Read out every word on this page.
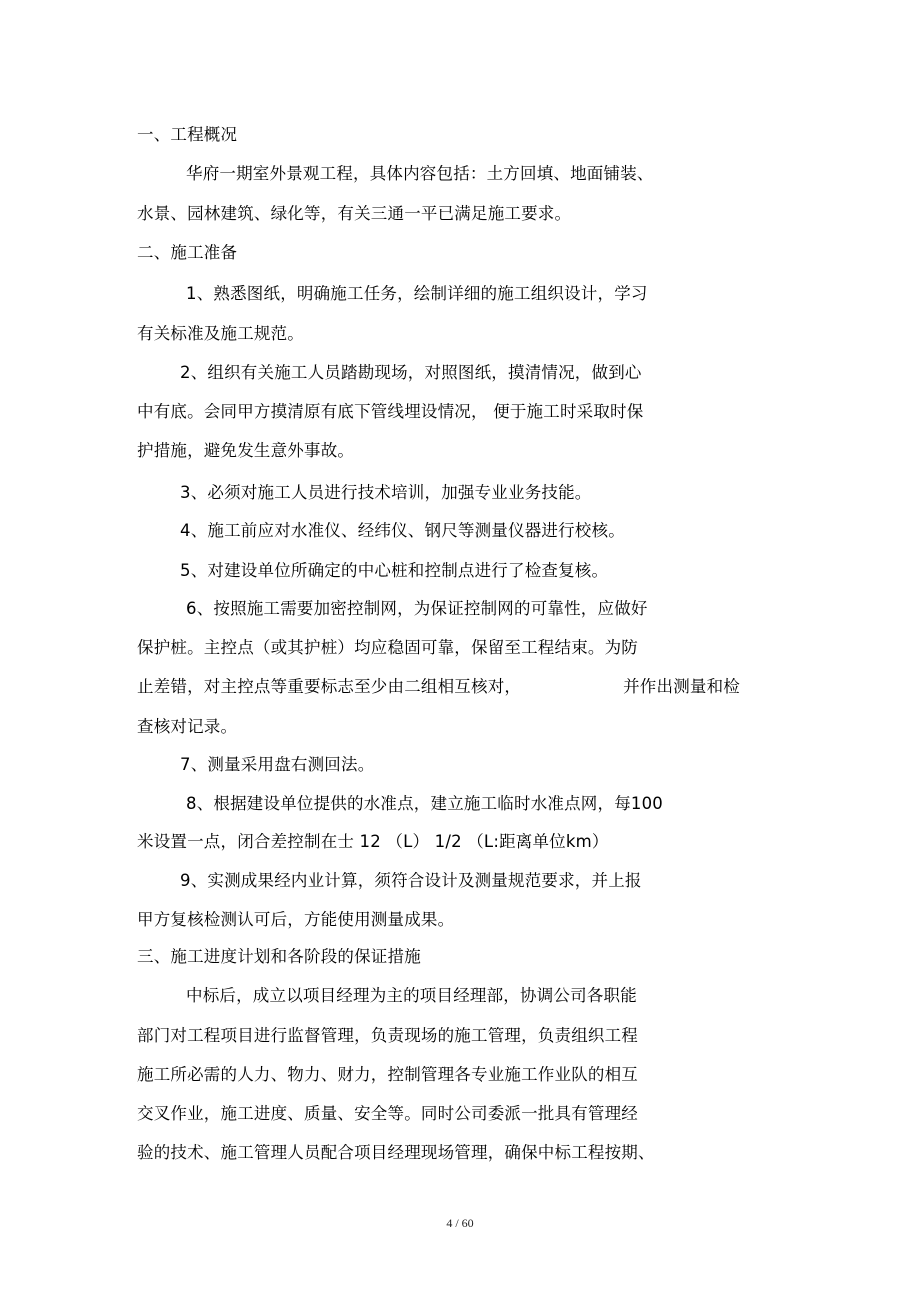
一、工程概况
华府一期室外景观工程，具体内容包括：土方回填、地面铺装、
水景、园林建筑、绿化等，有关三通一平已满足施工要求。
二、施工准备
1、熟悉图纸，明确施工任务，绘制详细的施工组织设计，学习
有关标准及施工规范。
2、组织有关施工人员踏勘现场，对照图纸，摸清情况，做到心
中有底。会同甲方摸清原有底下管线埋设情况， 便于施工时采取时保
护措施，避免发生意外事故。
3、必须对施工人员进行技术培训，加强专业业务技能。
4、施工前应对水准仪、经纬仪、钢尺等测量仪器进行校核。
5、对建设单位所确定的中心桩和控制点进行了检查复核。
6、按照施工需要加密控制网，为保证控制网的可靠性，应做好
保护桩。主控点（或其护桩）均应稳固可靠，保留至工程结束。为防
止差错，对主控点等重要标志至少由二组相互核对，	并作出测量和检
查核对记录。
7、测量采用盘右测回法。
8、根据建设单位提供的水准点，建立施工临时水准点网，每100
米设置一点，闭合差控制在士 12 （L） 1/2 （L:距离单位km）
9、实测成果经内业计算，须符合设计及测量规范要求，并上报
甲方复核检测认可后，方能使用测量成果。
三、施工进度计划和各阶段的保证措施
中标后，成立以项目经理为主的项目经理部，协调公司各职能
部门对工程项目进行监督管理，负责现场的施工管理，负责组织工程
施工所必需的人力、物力、财力，控制管理各专业施工作业队的相互
交叉作业，施工进度、质量、安全等。同时公司委派一批具有管理经
验的技术、施工管理人员配合项目经理现场管理，确保中标工程按期、
4 / 60
